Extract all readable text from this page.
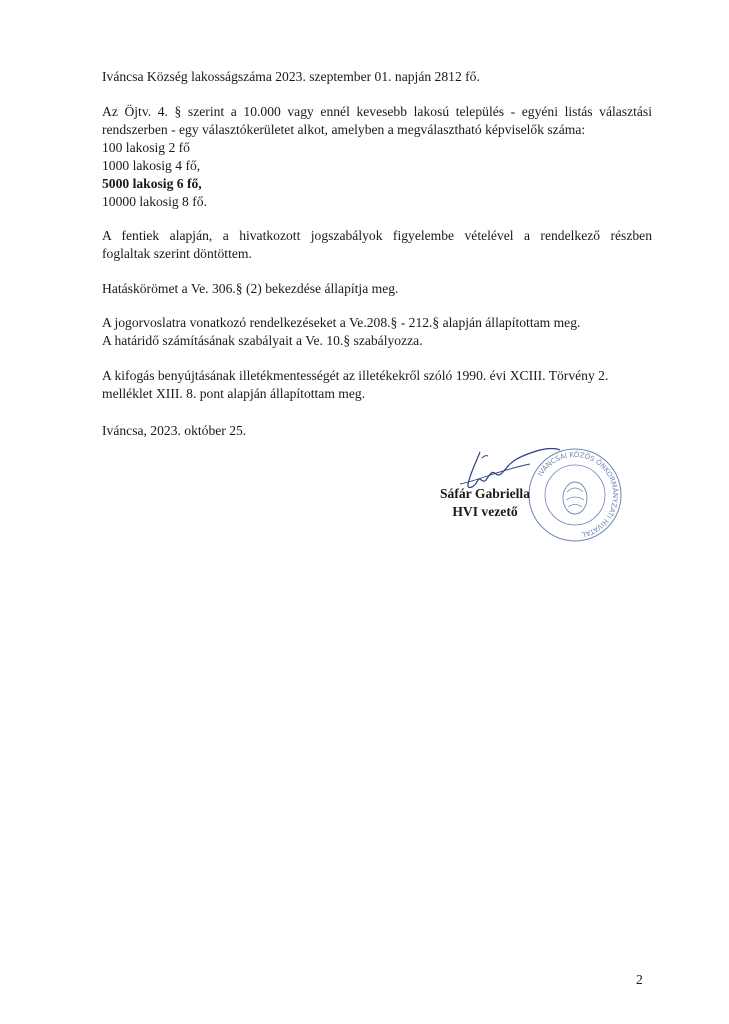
Iváncsa Község lakosságszáma 2023. szeptember 01. napján 2812 fő.

Az Öjtv. 4. § szerint a 10.000 vagy ennél kevesebb lakosú település - egyéni listás választási

rendszerben - egy választókerületet alkot, amelyben a megválasztható képviselők száma:

100 lakosig 2 fő

1000 lakosig 4 fő,

5000 lakosig 6 fő,

10000 lakosig 8 fő.

A fentiek alapján, a hivatkozott jogszabályok figyelembe vételével a rendelkező részben

foglaltak szerint döntöttem.

Hatáskörömet a Ve. 306.§ (2) bekezdése állapítja meg.

A jogorvoslatra vonatkozó rendelkezéseket a Ve.208.§ - 212.§ alapján állapítottam meg.

A határidő számításának szabályait a Ve. 10.§ szabályozza.

A kifogás benyújtásának illetékmentességét az illetékekről szóló 1990. évi XCIII. Törvény 2.

melléklet XIII. 8. pont alapján állapítottam meg.

Iváncsa, 2023. október 25.

IVÁNCSAI KÖZÖS ÖNKORMÁNYZATI HIVATAL
Sáfár Gabriella
HVI vezető
2
